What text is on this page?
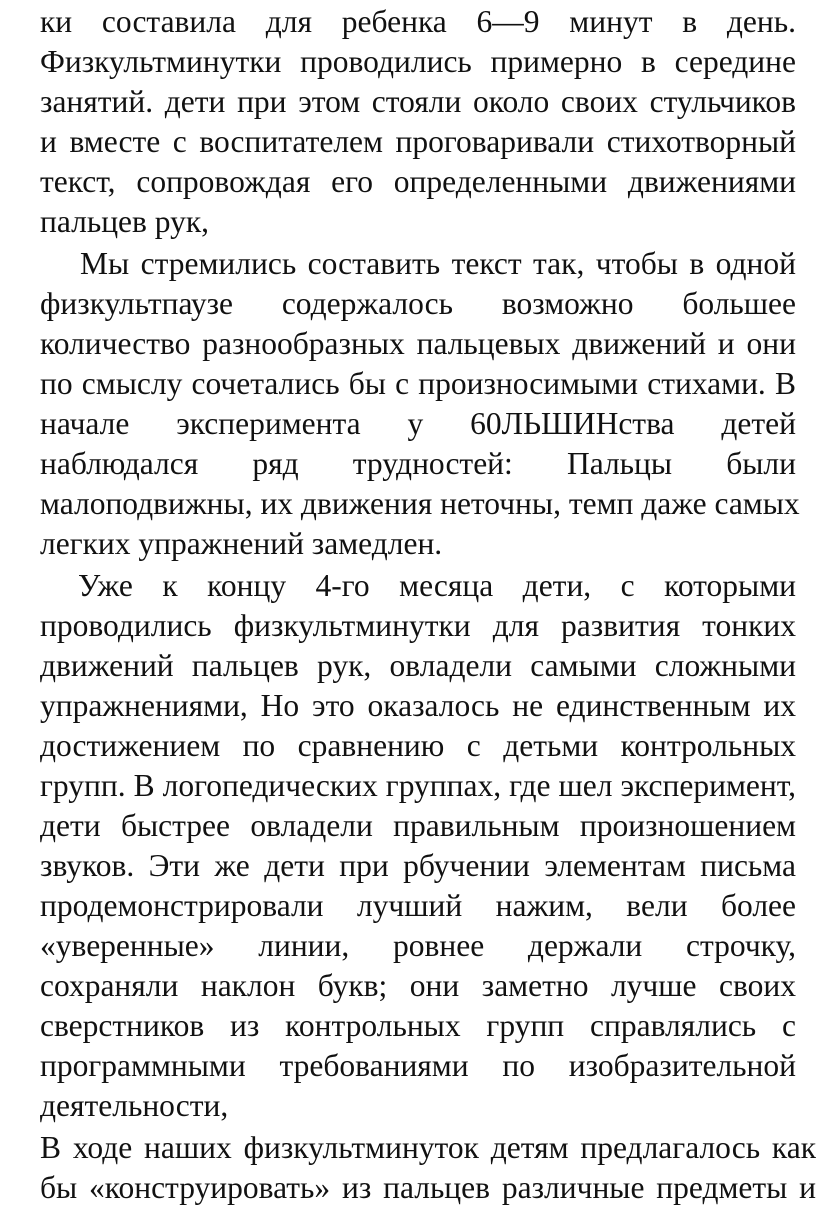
ки составила для ребенка 6—9 минут в день.
Физкультминутки проводились примерно в середине
занятий. дети при этом стояли около своих стульчиков
и вместе с воспитателем проговаривали стихотворный
текст, сопровождая его определенными движениями
пальцев рук,
Мы стремились составить текст так, чтобы в одной
физкультпаузе содержалось возможно большее
количество разнообразных пальцевых движений и они
по смыслу сочетались бы с произносимыми стихами. В
начале эксперимента у 60ЛЬШИНства детей
наблюдался ряд трудностей: Пальцы были
малоподвижны, их движения неточны, темп даже самых
легких упражнений замедлен.
Уже к концу 4-го месяца дети, с которыми
проводились физкультминутки для развития тонких
движений пальцев рук, овладели самыми сложными
упражнениями, Но это оказалось не единственным их
достижением по сравнению с детьми контрольных
групп. В логопедических группах, где шел эксперимент,
дети быстрее овладели правильным произношением
звуков. Эти же дети при рбучении элементам письма
продемонстрировали лучший нажим, вели более
«уверенные» линии, ровнее держали строчку,
сохраняли наклон букв; они заметно лучше своих
сверстников из контрольных групп справлялись с
программными требованиями по изобразительной
деятельности,
В ходе наших физкультминуток детям предлагалось как
бы «конструировать» из пальцев различные предметы и
